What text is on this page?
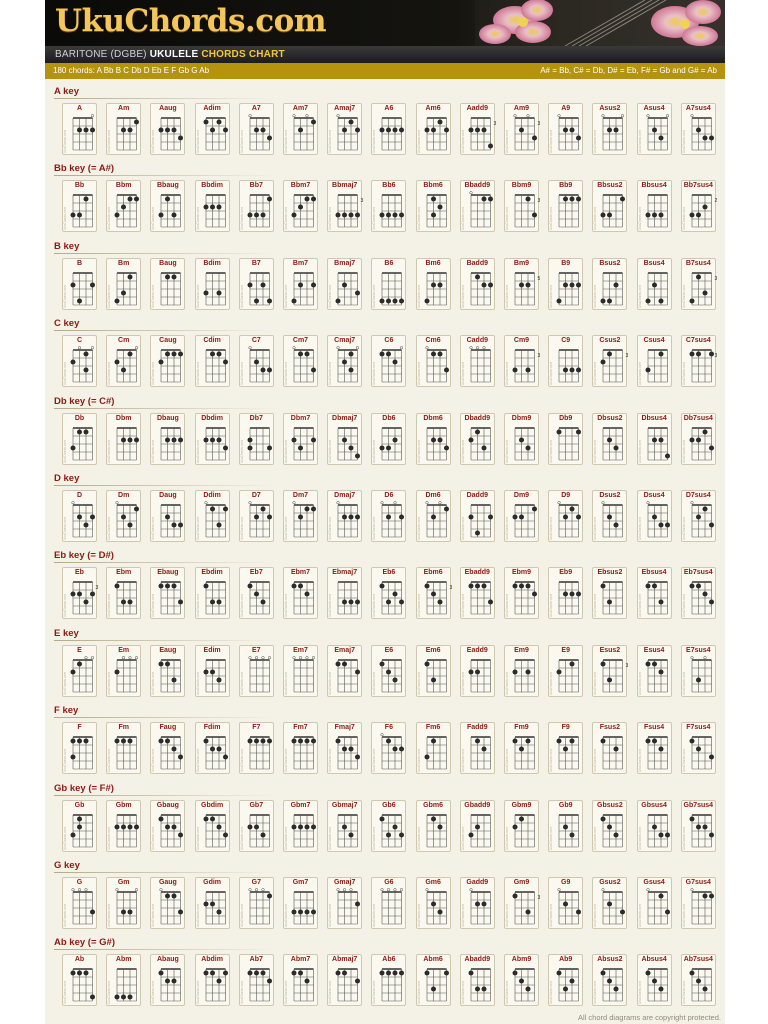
UkuChords.com
BARITONE (DGBE) UKULELE CHORDS CHART
180 chords: A Bb B C Db D Eb E F Gb G Ab	A# = Bb, C# = Db, D# = Eb, F# = Gb and G# = Ab
A key
A
UkuChords.com
Am
UkuChords.com
Aaug
UkuChords.com
Adim
UkuChords.com
A7
UkuChords.com
Am7
UkuChords.com
Amaj7
UkuChords.com
A6
UkuChords.com
Am6
UkuChords.com
Aadd9
UkuChords.com
3
Am9
UkuChords.com
3
A9
UkuChords.com
Asus2
UkuChords.com
Asus4
UkuChords.com
A7sus4
UkuChords.com
Bb key (= A#)
Bb
UkuChords.com
Bbm
UkuChords.com
Bbaug
UkuChords.com
Bbdim
UkuChords.com
Bb7
UkuChords.com
Bbm7
UkuChords.com
Bbmaj7
UkuChords.com
3
Bb6
UkuChords.com
Bbm6
UkuChords.com
Bbadd9
UkuChords.com
Bbm9
UkuChords.com
3
Bb9
UkuChords.com
Bbsus2
UkuChords.com
Bbsus4
UkuChords.com
Bb7sus4
UkuChords.com
2
B key
B
UkuChords.com
Bm
UkuChords.com
Baug
UkuChords.com
Bdim
UkuChords.com
B7
UkuChords.com
Bm7
UkuChords.com
Bmaj7
UkuChords.com
B6
UkuChords.com
Bm6
UkuChords.com
Badd9
UkuChords.com
Bm9
UkuChords.com
5
B9
UkuChords.com
Bsus2
UkuChords.com
Bsus4
UkuChords.com
B7sus4
UkuChords.com
3
C key
C
UkuChords.com
Cm
UkuChords.com
Caug
UkuChords.com
Cdim
UkuChords.com
C7
UkuChords.com
Cm7
UkuChords.com
Cmaj7
UkuChords.com
C6
UkuChords.com
Cm6
UkuChords.com
Cadd9
UkuChords.com
Cm9
UkuChords.com
3
C9
UkuChords.com
Csus2
UkuChords.com
3
Csus4
UkuChords.com
C7sus4
UkuChords.com
3
Db key (= C#)
Db
UkuChords.com
Dbm
UkuChords.com
Dbaug
UkuChords.com
Dbdim
UkuChords.com
Db7
UkuChords.com
Dbm7
UkuChords.com
Dbmaj7
UkuChords.com
Db6
UkuChords.com
Dbm6
UkuChords.com
Dbadd9
UkuChords.com
Dbm9
UkuChords.com
Db9
UkuChords.com
Dbsus2
UkuChords.com
Dbsus4
UkuChords.com
Db7sus4
UkuChords.com
D key
D
UkuChords.com
Dm
UkuChords.com
Daug
UkuChords.com
Ddim
UkuChords.com
D7
UkuChords.com
Dm7
UkuChords.com
Dmaj7
UkuChords.com
D6
UkuChords.com
Dm6
UkuChords.com
Dadd9
UkuChords.com
Dm9
UkuChords.com
D9
UkuChords.com
Dsus2
UkuChords.com
Dsus4
UkuChords.com
D7sus4
UkuChords.com
Eb key (= D#)
Eb
UkuChords.com
3
Ebm
UkuChords.com
Ebaug
UkuChords.com
Ebdim
UkuChords.com
Eb7
UkuChords.com
Ebm7
UkuChords.com
Ebmaj7
UkuChords.com
Eb6
UkuChords.com
Ebm6
UkuChords.com
3
Ebadd9
UkuChords.com
Ebm9
UkuChords.com
Eb9
UkuChords.com
Ebsus2
UkuChords.com
Ebsus4
UkuChords.com
Eb7sus4
UkuChords.com
E key
E
UkuChords.com
Em
UkuChords.com
Eaug
UkuChords.com
Edim
UkuChords.com
E7
UkuChords.com
Em7
UkuChords.com
Emaj7
UkuChords.com
E6
UkuChords.com
Em6
UkuChords.com
Eadd9
UkuChords.com
Em9
UkuChords.com
E9
UkuChords.com
Esus2
UkuChords.com
3
Esus4
UkuChords.com
E7sus4
UkuChords.com
F key
F
UkuChords.com
Fm
UkuChords.com
Faug
UkuChords.com
Fdim
UkuChords.com
F7
UkuChords.com
Fm7
UkuChords.com
Fmaj7
UkuChords.com
F6
UkuChords.com
Fm6
UkuChords.com
Fadd9
UkuChords.com
Fm9
UkuChords.com
F9
UkuChords.com
Fsus2
UkuChords.com
Fsus4
UkuChords.com
F7sus4
UkuChords.com
Gb key (= F#)
Gb
UkuChords.com
Gbm
UkuChords.com
Gbaug
UkuChords.com
Gbdim
UkuChords.com
Gb7
UkuChords.com
Gbm7
UkuChords.com
Gbmaj7
UkuChords.com
Gb6
UkuChords.com
Gbm6
UkuChords.com
Gbadd9
UkuChords.com
Gbm9
UkuChords.com
Gb9
UkuChords.com
Gbsus2
UkuChords.com
Gbsus4
UkuChords.com
Gb7sus4
UkuChords.com
G key
G
UkuChords.com
Gm
UkuChords.com
Gaug
UkuChords.com
Gdim
UkuChords.com
G7
UkuChords.com
Gm7
UkuChords.com
Gmaj7
UkuChords.com
G6
UkuChords.com
Gm6
UkuChords.com
Gadd9
UkuChords.com
Gm9
UkuChords.com
3
G9
UkuChords.com
Gsus2
UkuChords.com
Gsus4
UkuChords.com
G7sus4
UkuChords.com
Ab key (= G#)
Ab
UkuChords.com
Abm
UkuChords.com
Abaug
UkuChords.com
Abdim
UkuChords.com
Ab7
UkuChords.com
Abm7
UkuChords.com
Abmaj7
UkuChords.com
Ab6
UkuChords.com
Abm6
UkuChords.com
Abadd9
UkuChords.com
Abm9
UkuChords.com
Ab9
UkuChords.com
Absus2
UkuChords.com
Absus4
UkuChords.com
Ab7sus4
UkuChords.com
All chord diagrams are copyright protected.
